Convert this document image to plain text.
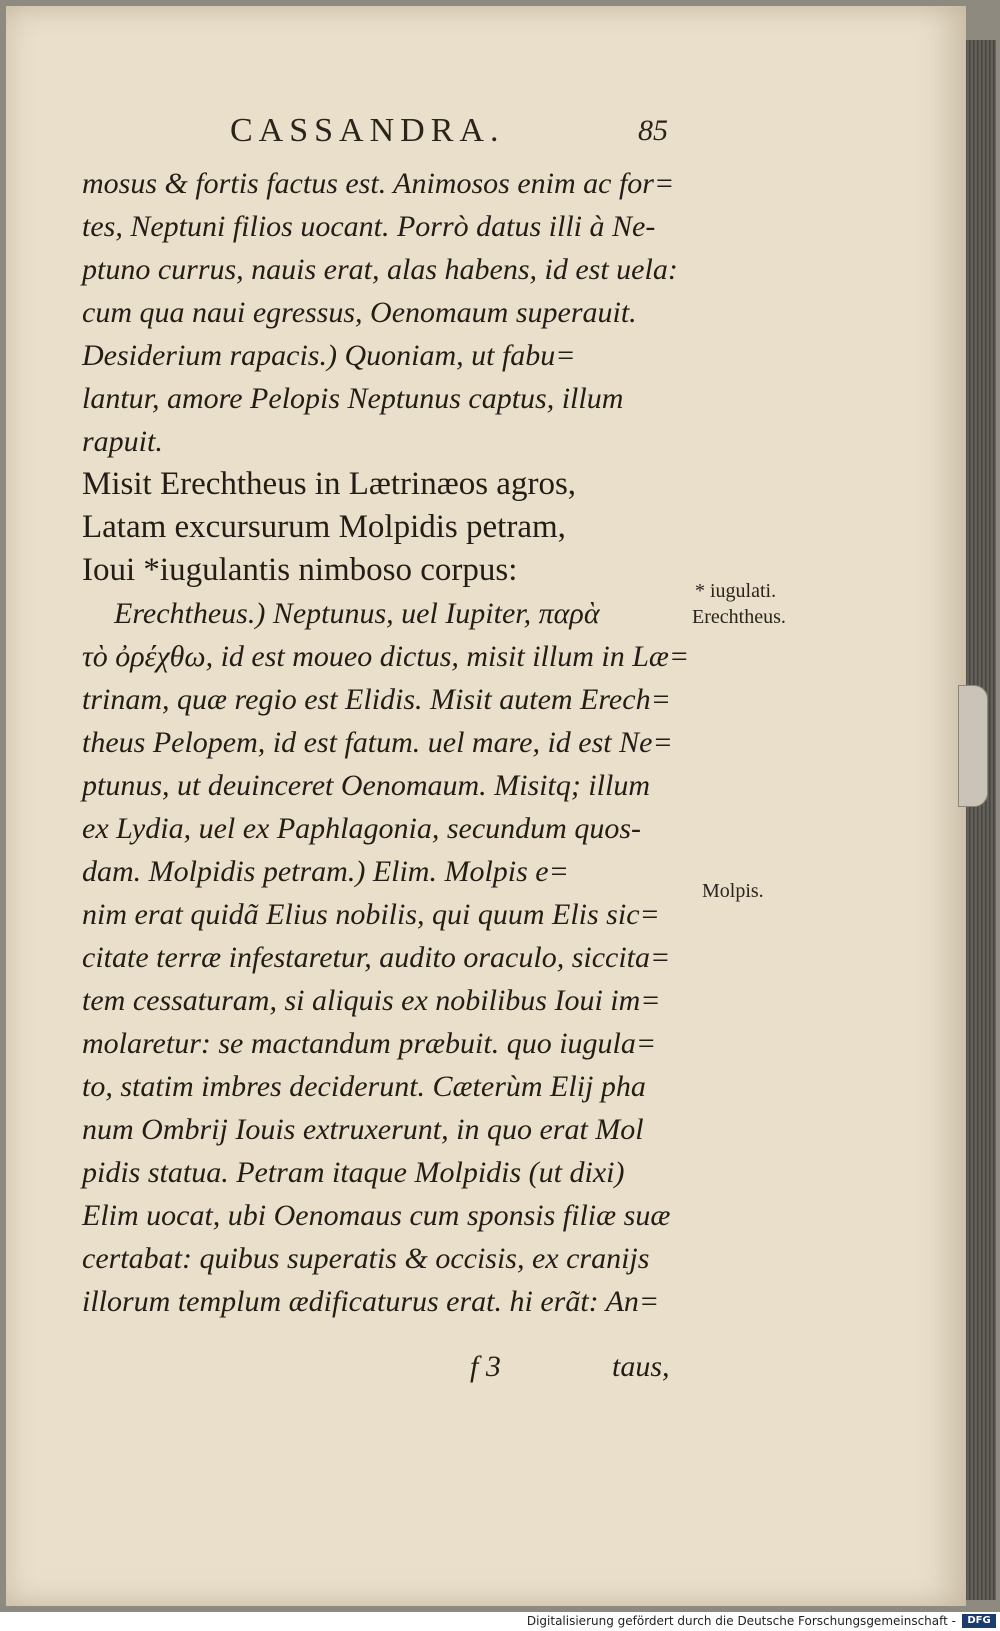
CASSANDRA.	85
mosus & fortis factus est. Animosos enim ac for=
tes, Neptuni filios uocant. Porrò datus illi à Ne-
ptuno currus, nauis erat, alas habens, id est uela:
cum qua naui egressus, Oenomaum superauit.
Desiderium rapacis.) Quoniam, ut fabu=
lantur, amore Pelopis Neptunus captus, illum
rapuit.
Misit Erechtheus in Lætrinæos agros,
Latam excursurum Molpidis petram,
Ioui *iugulantis nimboso corpus:
Erechtheus.) Neptunus, uel Iupiter, παρὰ
τὸ ὀρέχθω, id est moueo dictus, misit illum in Læ=
trinam, quæ regio est Elidis. Misit autem Erech=
theus Pelopem, id est fatum. uel mare, id est Ne=
ptunus, ut deuinceret Oenomaum. Misitq; illum
ex Lydia, uel ex Paphlagonia, secundum quos-
dam. Molpidis petram.) Elim. Molpis e=
nim erat quidã Elius nobilis, qui quum Elis sic=
citate terræ infestaretur, audito oraculo, siccita=
tem cessaturam, si aliquis ex nobilibus Ioui im=
molaretur: se mactandum præbuit. quo iugula=
to, statim imbres deciderunt. Cæterùm Elij pha
num Ombrij Iouis extruxerunt, in quo erat Mol
pidis statua. Petram itaque Molpidis (ut dixi)
Elim uocat, ubi Oenomaus cum sponsis filiæ suæ
certabat: quibus superatis & occisis, ex cranijs
illorum templum ædificaturus erat. hi erãt: An=
* iugulati.
Erechtheus.
Molpis.
f 3	taus,
Digitalisierung gefördert durch die Deutsche Forschungsgemeinschaft -	DFG
